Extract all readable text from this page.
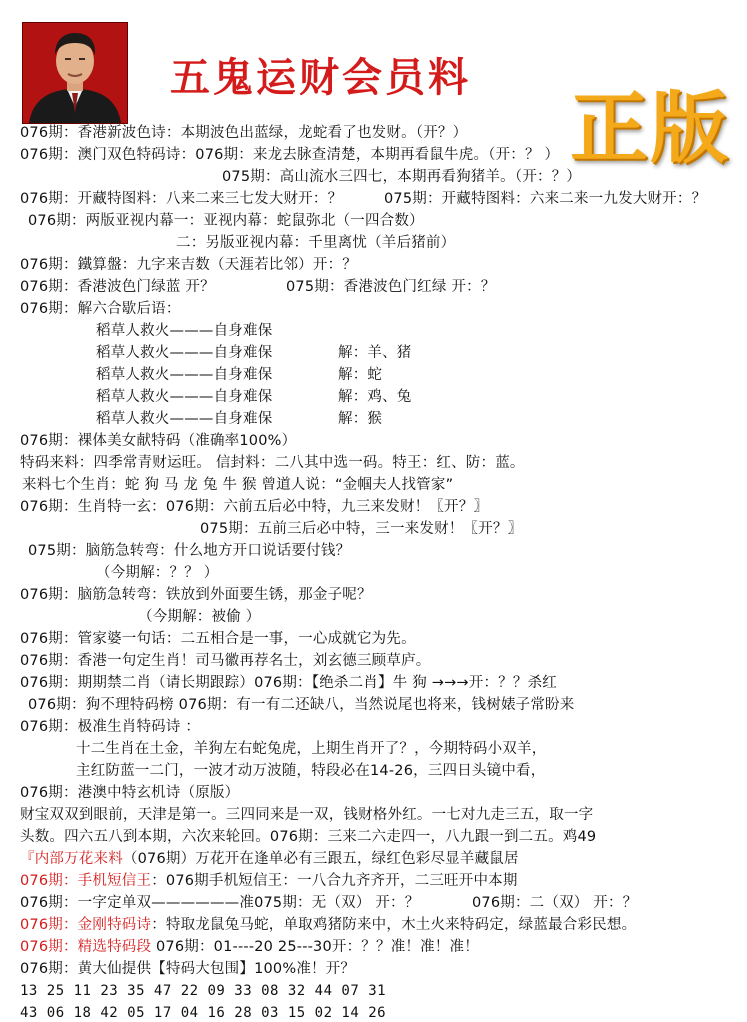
五鬼运财会员料
正版
076期：香港新波色诗：本期波色出蓝绿，龙蛇看了也发财。（开？）
076期：澳门双色特码诗：076期：来龙去脉查清楚，本期再看鼠牛虎。（开：？ ）
075期：高山流水三四七，本期再看狗猪羊。（开：？）
076期：开藏特图料：八来二来三七发大财开：？	075期：开藏特图料：六来二来一九发大财开：？
076期：两版亚视内幕一：亚视内幕：蛇鼠弥北（一四合数）
二：另版亚视内幕：千里离忧（羊后猪前）
076期：鐵算盤：九字来吉数（天涯若比邻）开：？
076期：香港波色门绿蓝 开？	075期：香港波色门红绿 开：？
076期：解六合歇后语：
稻草人救火———自身难保
稻草人救火———自身难保	解：羊、猪
稻草人救火———自身难保	解：蛇
稻草人救火———自身难保	解：鸡、兔
稻草人救火———自身难保	解：猴
076期：裸体美女献特码（准确率100%）
特码来料：四季常青财运旺。 信封料：二八其中选一码。特王：红、防：蓝。
来料七个生肖：蛇 狗 马 龙 兔 牛 猴 曾道人说：“金帼夫人找管家”
076期：生肖特一玄：076期：六前五后必中特，九三来发财！〖开？〗
075期：五前三后必中特，三一来发财！〖开？〗
075期：脑筋急转弯：什么地方开口说话要付钱？
（今期解：？？ ）
076期：脑筋急转弯：铁放到外面要生锈，那金子呢？
（今期解：被偷 ）
076期：管家婆一句话：二五相合是一事，一心成就它为先。
076期：香港一句定生肖！司马徽再荐名士，刘玄德三顾草庐。
076期：期期禁二肖（请长期跟踪）076期：【绝杀二肖】牛 狗 →→→开：？？杀红
076期：狗不理特码榜 076期：有一有二还缺八，当然说尾也将来，钱树婊子常盼来
076期：极准生肖特码诗 ：
十二生肖在土金，羊狗左右蛇兔虎，上期生肖开了？，今期特码小双羊，
主红防蓝一二门，一波才动万波随，特段必在14-26，三四日头镜中看，
076期：港澳中特玄机诗（原版）
财宝双双到眼前，天津是第一。三四同来是一双，钱财格外红。一七对九走三五，取一字
头数。四六五八到本期，六次来轮回。076期：三来二六走四一，八九跟一到二五。鸡49
『内部万花来料（076期）万花开在逢单必有三跟五，绿红色彩尽显羊藏鼠居
076期：手机短信王：076期手机短信王：一八合九齐齐开，二三旺开中本期
076期：一字定单双——————准075期：无（双） 开：？	076期：二（双） 开：？
076期：金刚特码诗：特取龙鼠兔马蛇，单取鸡猪防来中，木土火来特码定，绿蓝最合彩民想。
076期：精选特码段 076期：01----20 25---30开：？？准！准！准！
076期：黄大仙提供【特码大包围】100%准！开？
13 25 11 23 35 47 22 09 33 08 32 44 07 31
43 06 18 42 05 17 04 16 28 03 15 02 14 26
